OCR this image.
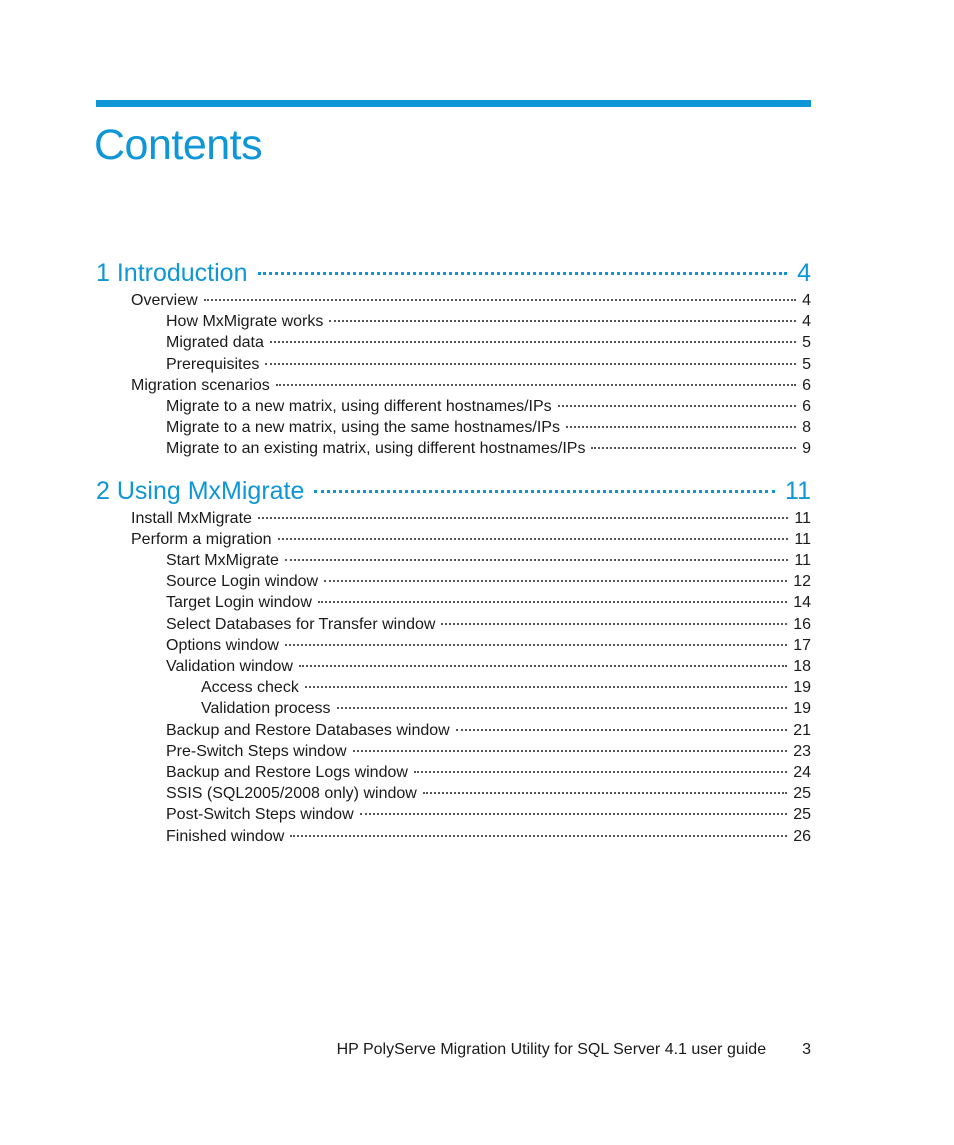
Contents
1 Introduction	4
Overview	4
How MxMigrate works	4
Migrated data	5
Prerequisites	5
Migration scenarios	6
Migrate to a new matrix, using different hostnames/IPs	6
Migrate to a new matrix, using the same hostnames/IPs	8
Migrate to an existing matrix, using different hostnames/IPs	9
2 Using MxMigrate	11
Install MxMigrate	11
Perform a migration	11
Start MxMigrate	11
Source Login window	12
Target Login window	14
Select Databases for Transfer window	16
Options window	17
Validation window	18
Access check	19
Validation process	19
Backup and Restore Databases window	21
Pre-Switch Steps window	23
Backup and Restore Logs window	24
SSIS (SQL2005/2008 only) window	25
Post-Switch Steps window	25
Finished window	26
HP PolyServe Migration Utility for SQL Server 4.1 user guide 3
